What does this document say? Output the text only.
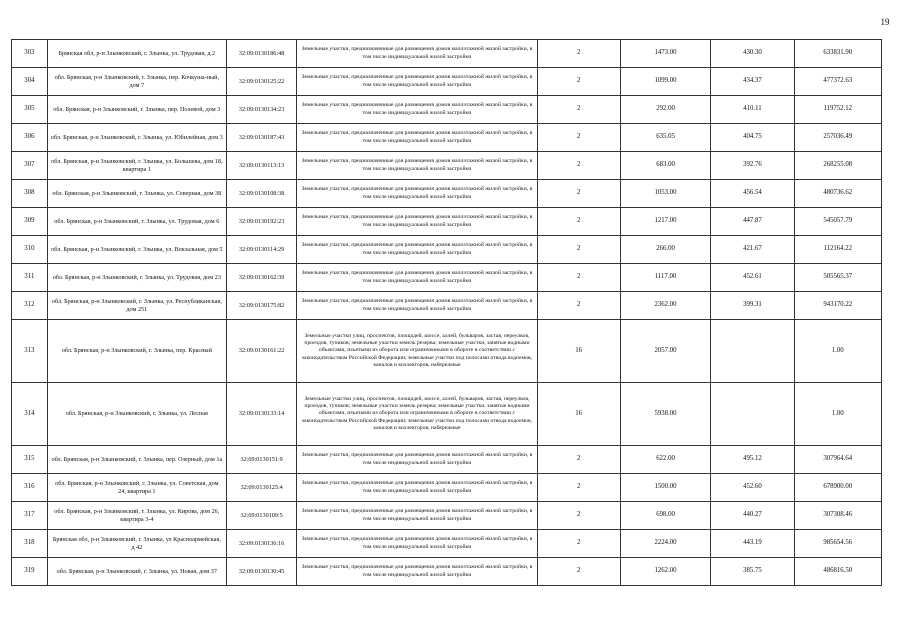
19
303	Брянская обл, р-н Злынковский, г. Злынка, ул. Трудовая, д 2	32:09:0130186:48	Земельные участки, предназначенные для размещения домов малоэтажной жилой застройки, в том числе индивидуальной жилой застройки	2	1473.00	430.30	633831.90
304	обл. Брянская, р-н Злынковский, г. Злынка, пер. Кочкуша-ный, дом 7	32:09:0130125:22	Земельные участки, предназначенные для размещения домов малоэтажной жилой застройки, в том числе индивидуальной жилой застройки	2	1099.00	434.37	477372.63
305	обл. Брянская, р-н Злынковский, г. Злынка, пер. Полевой, дом 3	32:09:0130134:23	Земельные участки, предназначенные для размещения домов малоэтажной жилой застройки, в том числе индивидуальной жилой застройки	2	292.00	410.11	119752.12
306	обл. Брянская, р-н Злынковский, г. Злынка, ул. Юбилейная, дом 3	32:09:0130187:43	Земельные участки, предназначенные для размещения домов малоэтажной жилой застройки, в том числе индивидуальной жилой застройки	2	635.05	404.75	257036.49
307	обл. Брянская, р-н Злынковский, г. Злынка, ул. Большева, дом 18, квартира 1	32:09:0130113:13	Земельные участки, предназначенные для размещения домов малоэтажной жилой застройки, в том числе индивидуальной жилой застройки	2	683.00	392.76	268255.08
308	обл. Брянская, р-н Злынковский, г. Злынка, ул. Северная, дом 38	32:09:0130108:38	Земельные участки, предназначенные для размещения домов малоэтажной жилой застройки, в том числе индивидуальной жилой застройки	2	1053.00	456.54	480736.62
309	обл. Брянская, р-н Злынковский, г. Злынка, ул. Трудовая, дом 6	32:09:0130192:23	Земельные участки, предназначенные для размещения домов малоэтажной жилой застройки, в том числе индивидуальной жилой застройки	2	1217.00	447.87	545057.79
310	обл. Брянская, р-н Злынковский, г. Злынка, ул. Вокзальная, дом 5	32:09:0130114:29	Земельные участки, предназначенные для размещения домов малоэтажной жилой застройки, в том числе индивидуальной жилой застройки	2	266.00	421.67	112164.22
311	обл. Брянская, р-н Злынковский, г. Злынка, ул. Трудовая, дом 23	32:09:0130162:39	Земельные участки, предназначенные для размещения домов малоэтажной жилой застройки, в том числе индивидуальной жилой застройки	2	1117.00	452.61	505565.37
312	обл. Брянская, р-н Злынковский, г. Злынка, ул. Республиканская, дом 251	32:09:0130175:82	Земельные участки, предназначенные для размещения домов малоэтажной жилой застройки, в том числе индивидуальной жилой застройки	2	2362.00	399.31	943170.22
313	обл. Брянская, р-н Злынковский, г. Злынка, пер. Красный	32:09:0130161:22	Земельные участки улиц, проспектов, площадей, шоссе, аллей, бульваров, застав, переулков, проездов, тупиков; земельные участки земель резерва; земельные участки, занятые водными объектами, изъятыми из оборота или ограниченными в обороте в соответствии с законодательством Российской Федерации; земельные участки под полосами отвода водоемов, каналов и коллекторов, набережные	16	2057.00		1.00
314	обл. Брянская, р-н Злынковский, г. Злынка, ул. Лесная	32:09:0130133:14	Земельные участки улиц, проспектов, площадей, шоссе, аллей, бульваров, застав, переулков, проездов, тупиков; земельные участки земель резерва; земельные участки, занятые водными объектами, изъятыми из оборота или ограниченными в обороте в соответствии с законодательством Российской Федерации; земельные участки под полосами отвода водоемов, каналов и коллекторов, набережные	16	5938.00		1.00
315	обл. Брянская, р-н Злынковский, г. Злынка, пер. Озерный, дом 1а	32:09:0130151:9	Земельные участки, предназначенные для размещения домов малоэтажной жилой застройки, в том числе индивидуальной жилой застройки	2	622.00	495.12	307964.64
316	обл. Брянская, р-н Злынковский, г. Злынка, ул. Советская, дом 24, квартира 1	32:09:0130125:4	Земельные участки, предназначенные для размещения домов малоэтажной жилой застройки, в том числе индивидуальной жилой застройки	2	1500.00	452.60	678900.00
317	обл. Брянская, р-н Злынковский, г. Злынка, ул. Кирова, дом 26, квартира 3-4	32:09:0130109:5	Земельные участки, предназначенные для размещения домов малоэтажной жилой застройки, в том числе индивидуальной жилой застройки	2	698.00	440.27	307308.46
318	Брянская обл, р-н Злынковский, г. Злынка, ул Красноармейская, д 42	32:09:0130136:16	Земельные участки, предназначенные для размещения домов малоэтажной жилой застройки, в том числе индивидуальной жилой застройки	2	2224.00	443.19	985654.56
319	обл. Брянская, р-н Злынковский, г. Злынка, ул. Новая, дом 37	32:09:0130130:45	Земельные участки, предназначенные для размещения домов малоэтажной жилой застройки, в том числе индивидуальной жилой застройки	2	1262.00	385.75	486816.50
